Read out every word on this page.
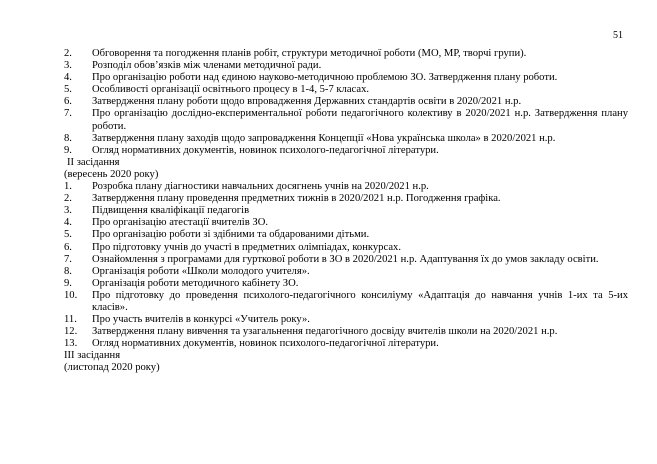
51
2.	Обговорення та погодження планів робіт, структури методичної роботи (МО, МР, творчі групи).
3.	Розподіл обов’язків між членами методичної ради.
4.	Про організацію роботи над єдиною науково-методичною проблемою ЗО. Затвердження плану роботи.
5.	Особливості організації освітнього процесу в 1-4, 5-7 класах.
6.	Затвердження плану роботи щодо впровадження Державних стандартів освіти в 2020/2021 н.р.
7.	Про організацію дослідно-експериментальної роботи педагогічного колективу в 2020/2021 н.р. Затвердження плану роботи.
8.	Затвердження плану заходів щодо запровадження Концепції «Нова українська школа» в 2020/2021 н.р.
9.	Огляд нормативних документів, новинок психолого-педагогічної літератури.
II засідання
(вересень 2020 року)
1.	Розробка плану діагностики навчальних досягнень учнів на 2020/2021 н.р.
2.	Затвердження плану проведення предметних тижнів в 2020/2021 н.р. Погодження графіка.
3.	Підвищення кваліфікації педагогів
4.	Про організацію атестації вчителів ЗО.
5.	Про організацію роботи зі здібними та обдарованими дітьми.
6.	Про підготовку учнів до участі в предметних олімпіадах, конкурсах.
7.	Ознайомлення з програмами для гурткової роботи в ЗО в 2020/2021 н.р. Адаптування їх до умов закладу освіти.
8.	Організація роботи «Школи молодого учителя».
9.	Організація роботи методичного кабінету ЗО.
10.	Про підготовку до проведення психолого-педагогічного консиліуму «Адаптація до навчання учнів 1-их та 5-их класів».
11.	Про участь вчителів в конкурсі «Учитель року».
12.	Затвердження плану вивчення та узагальнення педагогічного досвіду вчителів школи на 2020/2021 н.р.
13.	Огляд нормативних документів, новинок психолого-педагогічної літератури.
III засідання
(листопад 2020 року)
